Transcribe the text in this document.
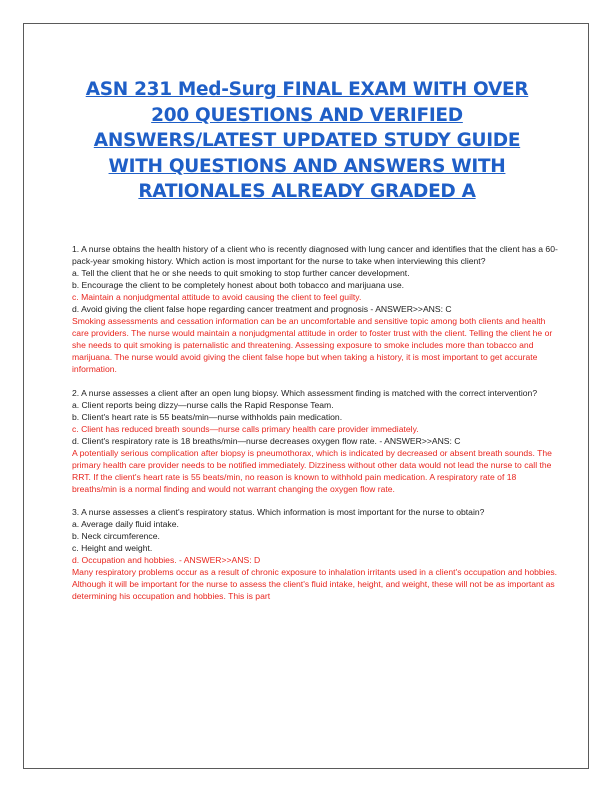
ASN 231 Med-Surg FINAL EXAM WITH OVER 200 QUESTIONS AND VERIFIED ANSWERS/LATEST UPDATED STUDY GUIDE WITH QUESTIONS AND ANSWERS WITH RATIONALES ALREADY GRADED A
1. A nurse obtains the health history of a client who is recently diagnosed with lung cancer and identifies that the client has a 60-pack-year smoking history. Which action is most important for the nurse to take when interviewing this client?
a. Tell the client that he or she needs to quit smoking to stop further cancer development.
b. Encourage the client to be completely honest about both tobacco and marijuana use.
c. Maintain a nonjudgmental attitude to avoid causing the client to feel guilty.
d. Avoid giving the client false hope regarding cancer treatment and prognosis - ANSWER>>ANS: C
Smoking assessments and cessation information can be an uncomfortable and sensitive topic among both clients and health care providers. The nurse would maintain a nonjudgmental attitude in order to foster trust with the client. Telling the client he or she needs to quit smoking is paternalistic and threatening. Assessing exposure to smoke includes more than tobacco and marijuana. The nurse would avoid giving the client false hope but when taking a history, it is most important to get accurate information.
2. A nurse assesses a client after an open lung biopsy. Which assessment finding is matched with the correct intervention?
a. Client reports being dizzy—nurse calls the Rapid Response Team.
b. Client's heart rate is 55 beats/min—nurse withholds pain medication.
c. Client has reduced breath sounds—nurse calls primary health care provider immediately.
d. Client's respiratory rate is 18 breaths/min—nurse decreases oxygen flow rate. - ANSWER>>ANS: C
A potentially serious complication after biopsy is pneumothorax, which is indicated by decreased or absent breath sounds. The primary health care provider needs to be notified immediately. Dizziness without other data would not lead the nurse to call the RRT. If the client's heart rate is 55 beats/min, no reason is known to withhold pain medication. A respiratory rate of 18 breaths/min is a normal finding and would not warrant changing the oxygen flow rate.
3. A nurse assesses a client's respiratory status. Which information is most important for the nurse to obtain?
a. Average daily fluid intake.
b. Neck circumference.
c. Height and weight.
d. Occupation and hobbies. - ANSWER>>ANS: D
Many respiratory problems occur as a result of chronic exposure to inhalation irritants used in a client's occupation and hobbies. Although it will be important for the nurse to assess the client's fluid intake, height, and weight, these will not be as important as determining his occupation and hobbies. This is part
